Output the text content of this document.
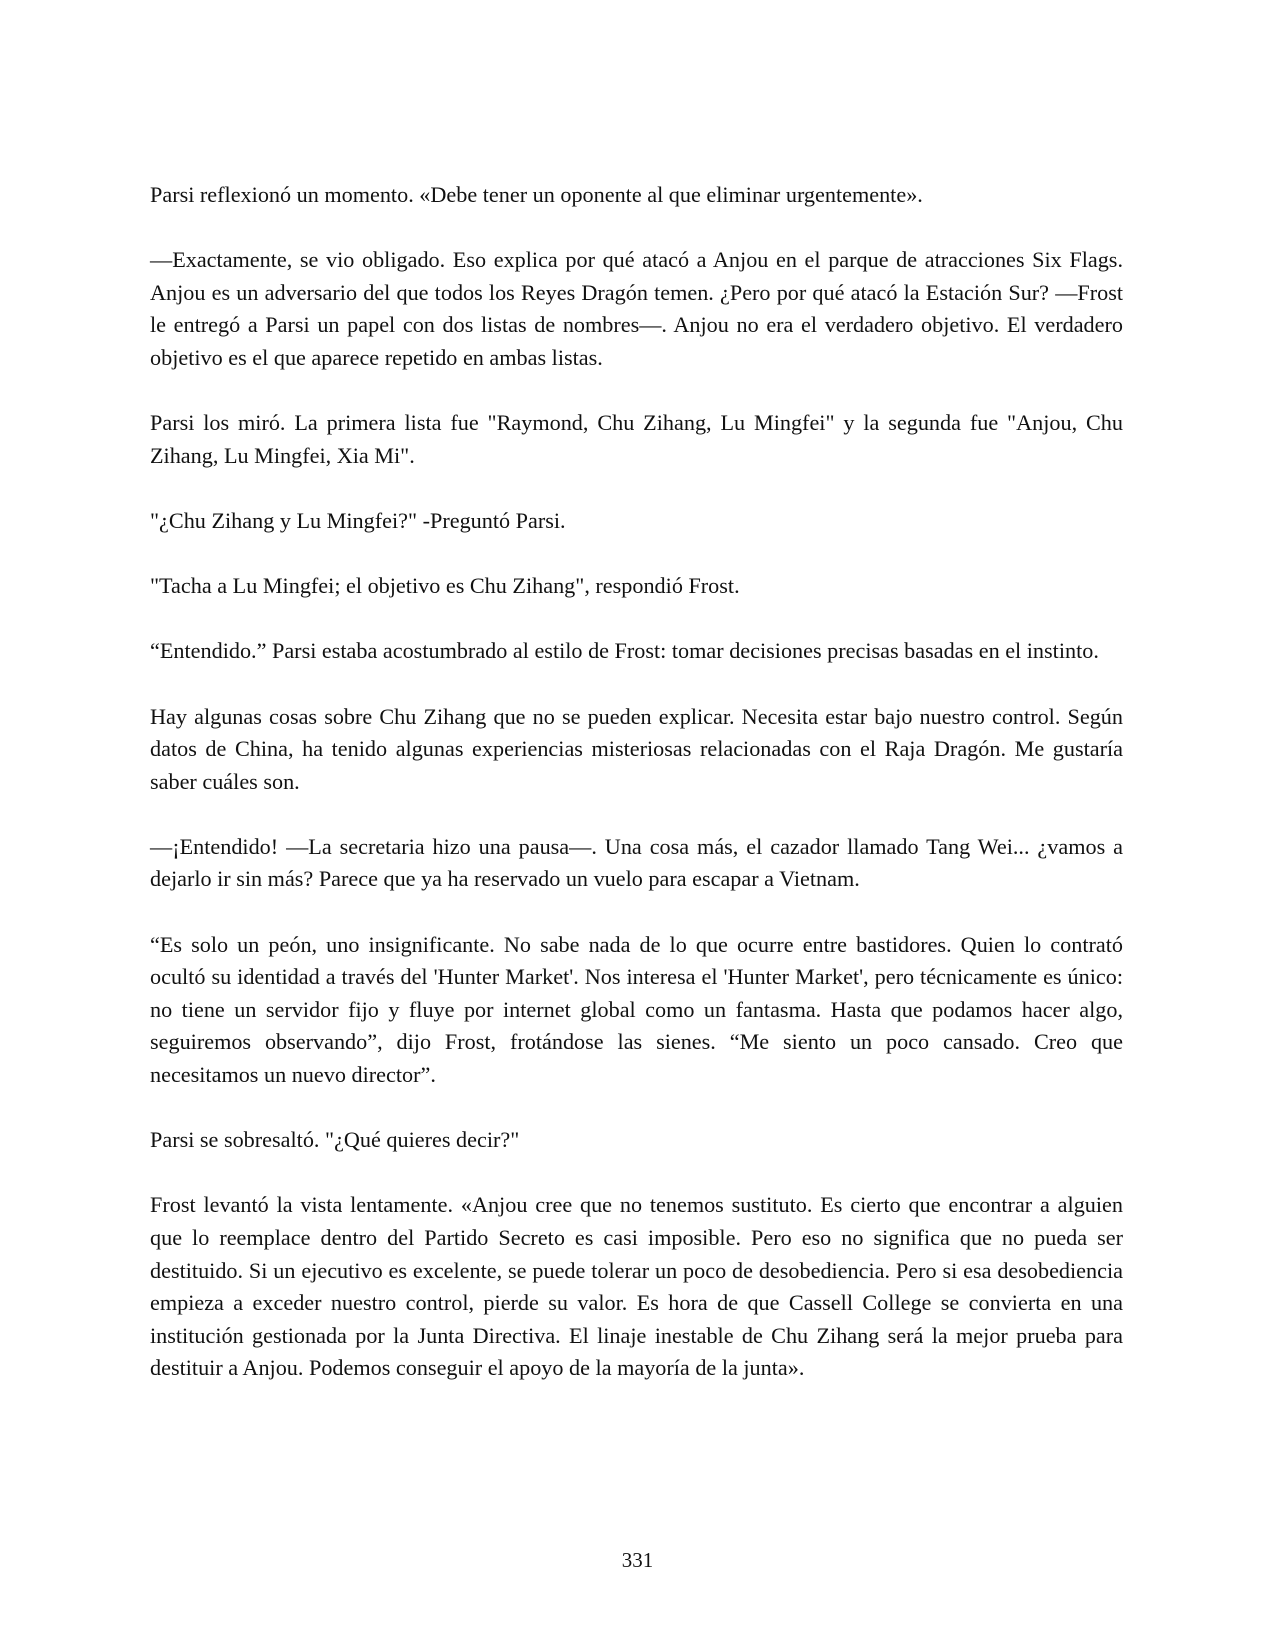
Parsi reflexionó un momento. «Debe tener un oponente al que eliminar urgentemente».

—Exactamente, se vio obligado. Eso explica por qué atacó a Anjou en el parque de atracciones Six Flags. Anjou es un adversario del que todos los Reyes Dragón temen. ¿Pero por qué atacó la Estación Sur? —Frost le entregó a Parsi un papel con dos listas de nombres—. Anjou no era el verdadero objetivo. El verdadero objetivo es el que aparece repetido en ambas listas.

Parsi los miró. La primera lista fue "Raymond, Chu Zihang, Lu Mingfei" y la segunda fue "Anjou, Chu Zihang, Lu Mingfei, Xia Mi".

"¿Chu Zihang y Lu Mingfei?" -Preguntó Parsi.

"Tacha a Lu Mingfei; el objetivo es Chu Zihang", respondió Frost.

“Entendido.” Parsi estaba acostumbrado al estilo de Frost: tomar decisiones precisas basadas en el instinto.

Hay algunas cosas sobre Chu Zihang que no se pueden explicar. Necesita estar bajo nuestro control. Según datos de China, ha tenido algunas experiencias misteriosas relacionadas con el Raja Dragón. Me gustaría saber cuáles son.

—¡Entendido! —La secretaria hizo una pausa—. Una cosa más, el cazador llamado Tang Wei... ¿vamos a dejarlo ir sin más? Parece que ya ha reservado un vuelo para escapar a Vietnam.

“Es solo un peón, uno insignificante. No sabe nada de lo que ocurre entre bastidores. Quien lo contrató ocultó su identidad a través del 'Hunter Market'. Nos interesa el 'Hunter Market', pero técnicamente es único: no tiene un servidor fijo y fluye por internet global como un fantasma. Hasta que podamos hacer algo, seguiremos observando”, dijo Frost, frotándose las sienes. “Me siento un poco cansado. Creo que necesitamos un nuevo director”.

Parsi se sobresaltó. "¿Qué quieres decir?"

Frost levantó la vista lentamente. «Anjou cree que no tenemos sustituto. Es cierto que encontrar a alguien que lo reemplace dentro del Partido Secreto es casi imposible. Pero eso no significa que no pueda ser destituido. Si un ejecutivo es excelente, se puede tolerar un poco de desobediencia. Pero si esa desobediencia empieza a exceder nuestro control, pierde su valor. Es hora de que Cassell College se convierta en una institución gestionada por la Junta Directiva. El linaje inestable de Chu Zihang será la mejor prueba para destituir a Anjou. Podemos conseguir el apoyo de la mayoría de la junta».

331
